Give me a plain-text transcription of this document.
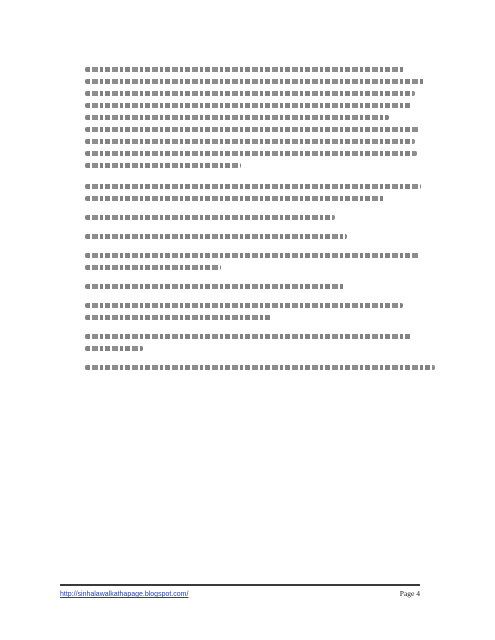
http://sinhalawalkathapage.blogspot.com/	Page 4
